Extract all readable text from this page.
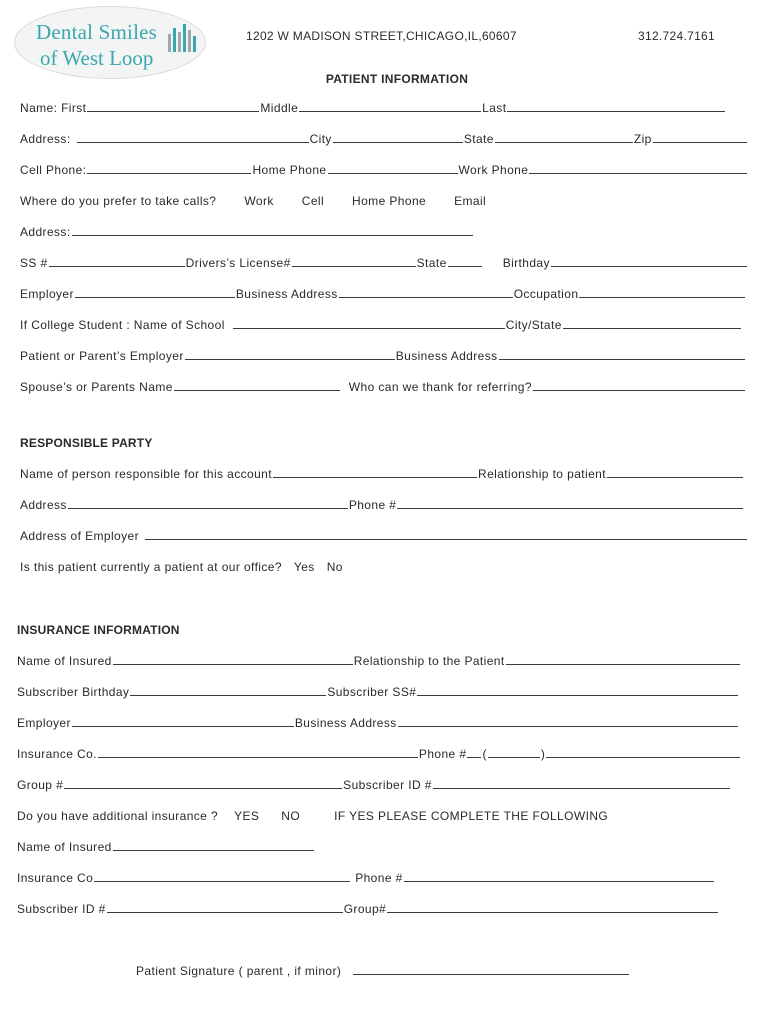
Dental Smiles
of West Loop
1202 W MADISON STREET,CHICAGO,IL,60607	312.724.7161
PATIENT INFORMATION
Name: First	Middle	Last
Address:	City	State	Zip
Cell Phone:	Home Phone	Work Phone
Where do you prefer to take calls? Work Cell Home Phone Email
Address:
SS #	Drivers’s License#	State	Birthday
Employer	Business Address	Occupation
If College Student : Name of School	City/State
Patient or Parent’s Employer	Business Address
Spouse’s or Parents Name	Who can we thank for referring?
RESPONSIBLE PARTY
Name of person responsible for this account	Relationship to patient
Address	Phone #
Address of Employer
Is this patient currently a patient at our office? Yes No
INSURANCE INFORMATION
Name of Insured	Relationship to the Patient
Subscriber Birthday	Subscriber SS#
Employer	Business Address
Insurance Co.	Phone # (	)
Group #	Subscriber ID #
Do you have additional insurance ? YES NO	IF YES PLEASE COMPLETE THE FOLLOWING
Name of Insured
Insurance Co	Phone #
Subscriber ID #	Group#
Patient Signature ( parent , if minor)
